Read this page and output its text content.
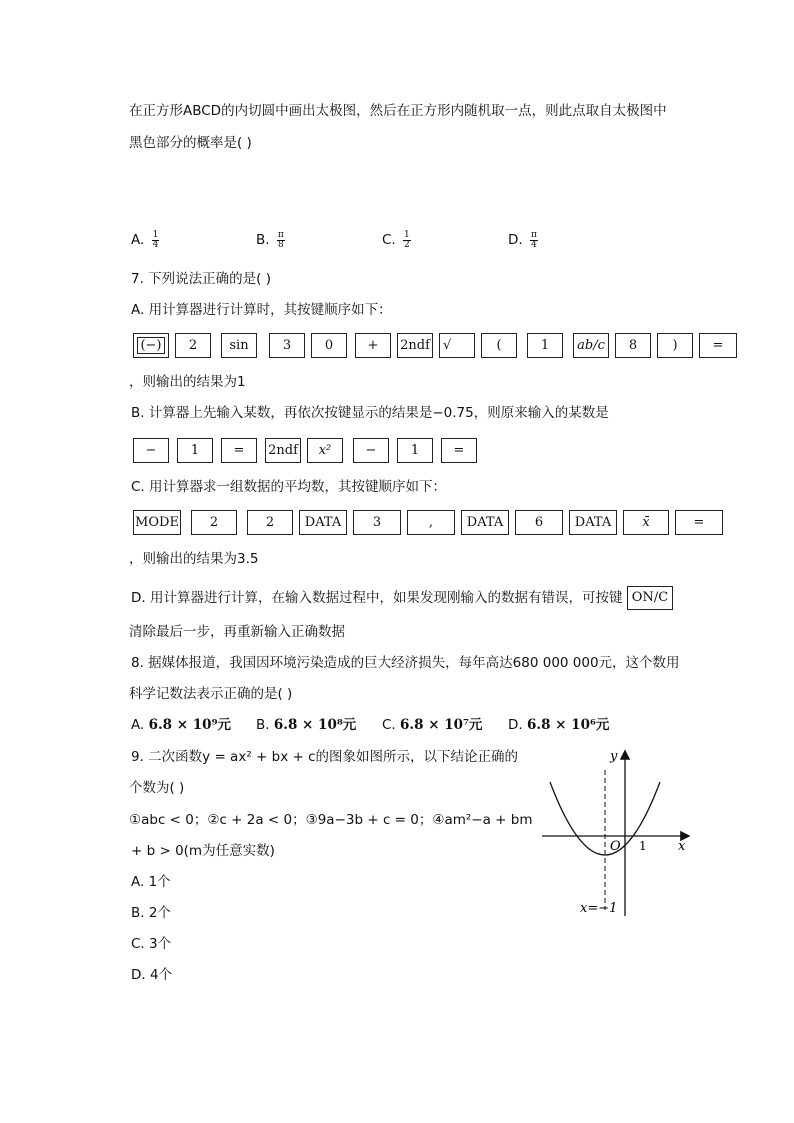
在正方形ABCD的内切圆中画出太极图，然后在正方形内随机取一点，则此点取自太极图中
黑色部分的概率是( )
A. $\frac{1}{4}$	B. $\frac{\pi}{8}$	C. $\frac{1}{2}$	D. $\frac{\pi}{4}$
7. 下列说法正确的是( )
A. 用计算器进行计算时，其按键顺序如下：
(−)	2	sin	3	0	+	2ndf	√	(	1	ab/c	8	)	=
，则输出的结果为1
B. 计算器上先输入某数，再依次按键显示的结果是−0.75，则原来输入的某数是
−	1	=	2ndf	x²	−	1	=
C. 用计算器求一组数据的平均数，其按键顺序如下：
MODE	2	2	DATA	3	,	DATA	6	DATA	x̄	=
，则输出的结果为3.5
D. 用计算器进行计算，在输入数据过程中，如果发现刚输入的数据有错误，可按键 ON/C
清除最后一步，再重新输入正确数据
8. 据媒体报道，我国因环境污染造成的巨大经济损失，每年高达680 000 000元，这个数用
科学记数法表示正确的是( )
A. 6.8 × 10⁹元 B. 6.8 × 10⁸元 C. 6.8 × 10⁷元 D. 6.8 × 10⁶元
9. 二次函数y = ax² + bx + c的图象如图所示，以下结论正确的
个数为( )
①abc < 0；②c + 2a < 0；③9a−3b + c = 0；④am²−a + bm
+ b > 0(m为任意实数)
A. 1个
B. 2个
C. 3个
D. 4个
y
x
O 1
x=−1
